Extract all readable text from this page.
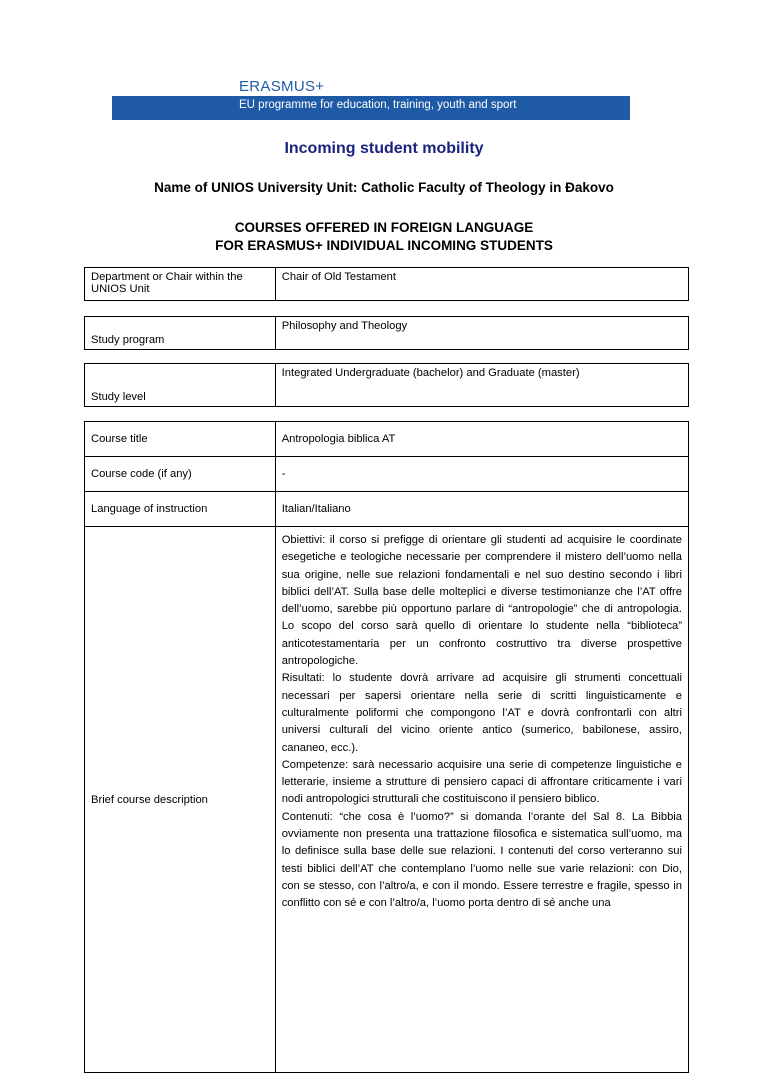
ERASMUS+
EU programme for education, training, youth and sport
Incoming student mobility
Name of UNIOS University Unit: Catholic Faculty of Theology in Đakovo
COURSES OFFERED IN FOREIGN LANGUAGE
FOR ERASMUS+ INDIVIDUAL INCOMING STUDENTS
Department or Chair within the UNIOS Unit	Chair of Old Testament
Study program	Philosophy and Theology
Study level	Integrated Undergraduate (bachelor) and Graduate (master)
Course title	Antropologia biblica AT
Course code (if any)	-
Language of instruction	Italian/Italiano
Brief course description	Obiettivi: il corso si prefigge di orientare gli studenti ad acquisire le coordinate esegetiche e teologiche necessarie per comprendere il mistero dell’uomo nella sua origine, nelle sue relazioni fondamentali e nel suo destino secondo i libri biblici dell’AT. Sulla base delle molteplici e diverse testimonianze che l’AT offre dell’uomo, sarebbe più opportuno parlare di “antropologie” che di antropologia. Lo scopo del corso sarà quello di orientare lo studente nella “biblioteca” anticotestamentaria per un confronto costruttivo tra diverse prospettive antropologiche.

Risultati: lo studente dovrà arrivare ad acquisire gli strumenti concettuali necessari per sapersi orientare nella serie di scritti linguisticamente e culturalmente poliformi che compongono l’AT e dovrà confrontarli con altri universi culturali del vicino oriente antico (sumerico, babilonese, assiro, cananeo, ecc.).

Competenze: sarà necessario acquisire una serie di competenze linguistiche e letterarie, insieme a strutture di pensiero capaci di affrontare criticamente i vari nodi antropologici strutturali che costituiscono il pensiero biblico.

Contenuti: “che cosa è l’uomo?” si domanda l’orante del Sal 8. La Bibbia ovviamente non presenta una trattazione filosofica e sistematica sull’uomo, ma lo definisce sulla base delle sue relazioni. I contenuti del corso verteranno sui testi biblici dell’AT che contemplano l’uomo nelle sue varie relazioni: con Dio, con se stesso, con l’altro/a, e con il mondo. Essere terrestre e fragile, spesso in conflitto con sé e con l’altro/a, l’uomo porta dentro di sé anche una
